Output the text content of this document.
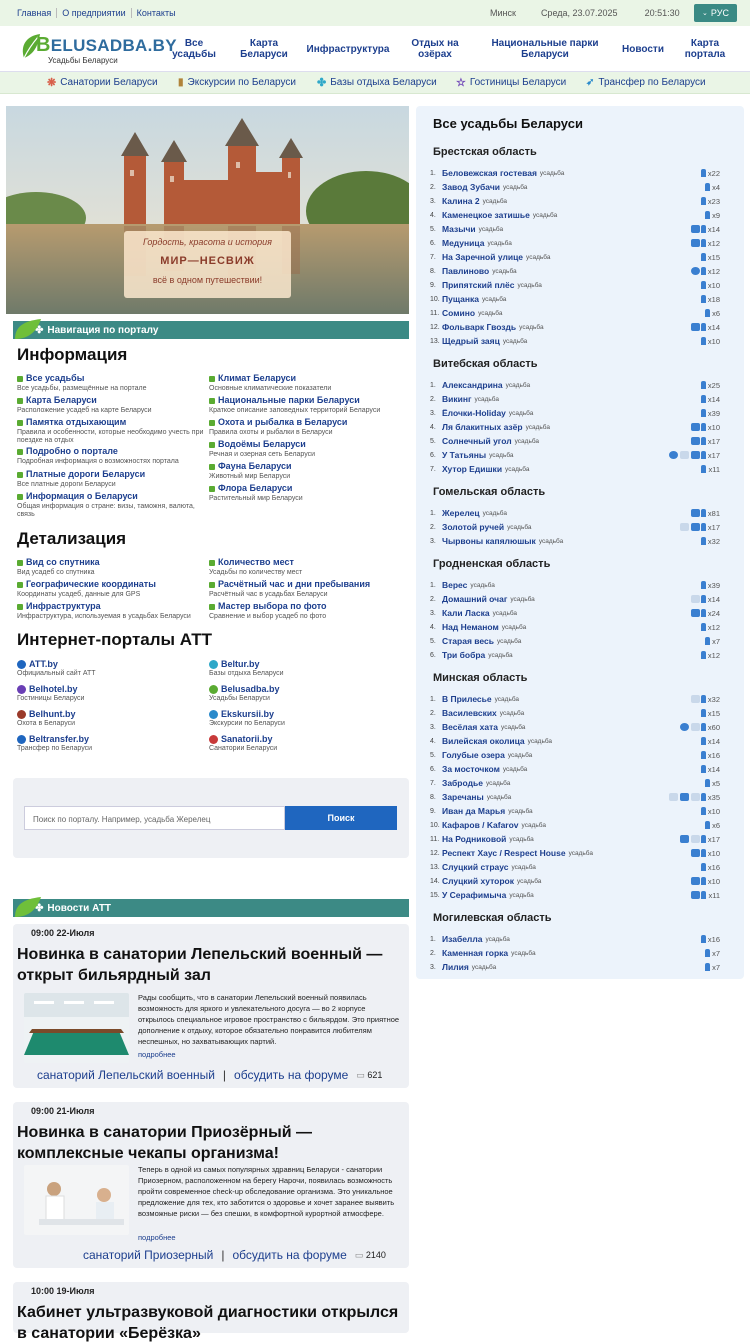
Главная	О предприятии	Контакты	Минск	Среда, 23.07.2025	20:51:30	⌄ РУС
BELUSADBA.BY
Усадьбы Беларуси
Все усадьбы
Карта Беларуси	Инфраструктура
Отдых на озёрах
Национальные парки Беларуси	Новости
Карта портала
❋ Санатории Беларуси ▮ Экскурсии по Беларуси ✤ Базы отдыха Беларуси ☆ Гостиницы Беларуси ➶ Трансфер по Беларуси
Гордость, красота и история
МИР—НЕСВИЖ
всё в одном путешествии!
✤ Навигация по порталу
Информация
Все усадьбы
Все усадьбы, размещённые на портале
Карта Беларуси
Расположение усадеб на карте Беларуси
Памятка отдыхающим
Правила и особенности, которые необходимо учесть при поездке на отдых
Подробно о портале
Подробная информация о возможностях портала
Платные дороги Беларуси
Все платные дороги Беларуси
Информация о Беларуси
Общая информация о стране: визы, таможня, валюта, связь
Климат Беларуси
Основные климатические показатели
Национальные парки Беларуси
Краткое описание заповедных территорий Беларуси
Охота и рыбалка в Беларуси
Правила охоты и рыбалки в Беларуси
Водоёмы Беларуси
Речная и озерная сеть Беларуси
Фауна Беларуси
Животный мир Беларуси
Флора Беларуси
Растительный мир Беларуси
Детализация
Вид со спутника
Вид усадеб со спутника
Географические координаты
Координаты усадеб, данные для GPS
Инфраструктура
Инфраструктура, используемая в усадьбах Беларуси
Количество мест
Усадьбы по количеству мест
Расчётный час и дни пребывания
Расчётный час в усадьбах Беларуси
Мастер выбора по фото
Сравнение и выбор усадеб по фото
Интернет-порталы АТТ
ATT.by
Официальный сайт АТТ
Belhotel.by
Гостиницы Беларуси
Belhunt.by
Охота в Беларуси
Beltransfer.by
Трансфер по Беларуси
Beltur.by
Базы отдыха Беларуси
Belusadba.by
Усадьбы Беларуси
Ekskursii.by
Экскурсии по Беларуси
Sanatorii.by
Санатории Беларуси
Поиск по порталу. Например, усадьба Жерелец	Поиск
✤ Новости АТТ
09:00 22-Июля
Новинка в санатории Лепельский военный — открыт бильярдный зал
Рады сообщить, что в санатории Лепельский военный появилась возможность для яркого и увлекательного досуга — во 2 корпусе открылось специальное игровое пространство с бильярдом. Это приятное дополнение к отдыху, которое обязательно понравится любителям неспешных, но захватывающих партий.
подробнее
санаторий Лепельский военный | обсудить на форуме ▭ 621
09:00 21-Июля
Новинка в санатории Приозёрный — комплексные чекапы организма!
Теперь в одной из самых популярных здравниц Беларуси - санатории Приозерном, расположенном на берегу Нарочи, появилась возможность пройти современное check-up обследование организма. Это уникальное предложение для тех, кто заботится о здоровье и хочет заранее выявить возможные риски — без спешки, в комфортной курортной атмосфере.
подробнее
санаторий Приозерный | обсудить на форуме ▭ 2140
10:00 19-Июля
Кабинет ультразвуковой диагностики открылся в санатории «Берёзка»
Все усадьбы Беларуси
Брестская область
1. Беловежская гостевая усадьба	x22
2. Завод Зубачи усадьба	x4
3. Калина 2 усадьба	x23
4. Каменецкое затишье усадьба	x9
5. Мазычи усадьба	x14
6. Медуница усадьба	x12
7. На Заречной улице усадьба	x15
8. Павлиново усадьба	x12
9. Припятский плёс усадьба	x10
10. Пущанка усадьба	x18
11. Сомино усадьба	x6
12. Фольварк Гвоздь усадьба	x14
13. Щедрый заяц усадьба	x10
Витебская область
1. Александрина усадьба	x25
2. Викинг усадьба	x14
3. Ёлочки-Holiday усадьба	x39
4. Ля блакитных азёр усадьба	x10
5. Солнечный угол усадьба	x17
6. У Татьяны усадьба	x17
7. Хутор Едишки усадьба	x11
Гомельская область
1. Жерелец усадьба	x81
2. Золотой ручей усадьба	x17
3. Чырвоны капялюшык усадьба	x32
Гродненская область
1. Верес усадьба	x39
2. Домашний очаг усадьба	x14
3. Кали Ласка усадьба	x24
4. Над Неманом усадьба	x12
5. Старая весь усадьба	x7
6. Три бобра усадьба	x12
Минская область
1. В Прилесье усадьба	x32
2. Василевских усадьба	x15
3. Весёлая хата усадьба	x60
4. Вилейская околица усадьба	x14
5. Голубые озера усадьба	x16
6. За мосточком усадьба	x14
7. Забродье усадьба	x5
8. Заречаны усадьба	x35
9. Иван да Марья усадьба	x10
10. Кафаров / Kafarov усадьба	x6
11. На Родниковой усадьба	x17
12. Респект Хаус / Respect House усадьба	x10
13. Слуцкий страус усадьба	x16
14. Слуцкий хуторок усадьба	x10
15. У Серафимыча усадьба	x11
Могилевская область
1. Изабелла усадьба	x16
2. Каменная горка усадьба	x7
3. Лилия усадьба	x7
